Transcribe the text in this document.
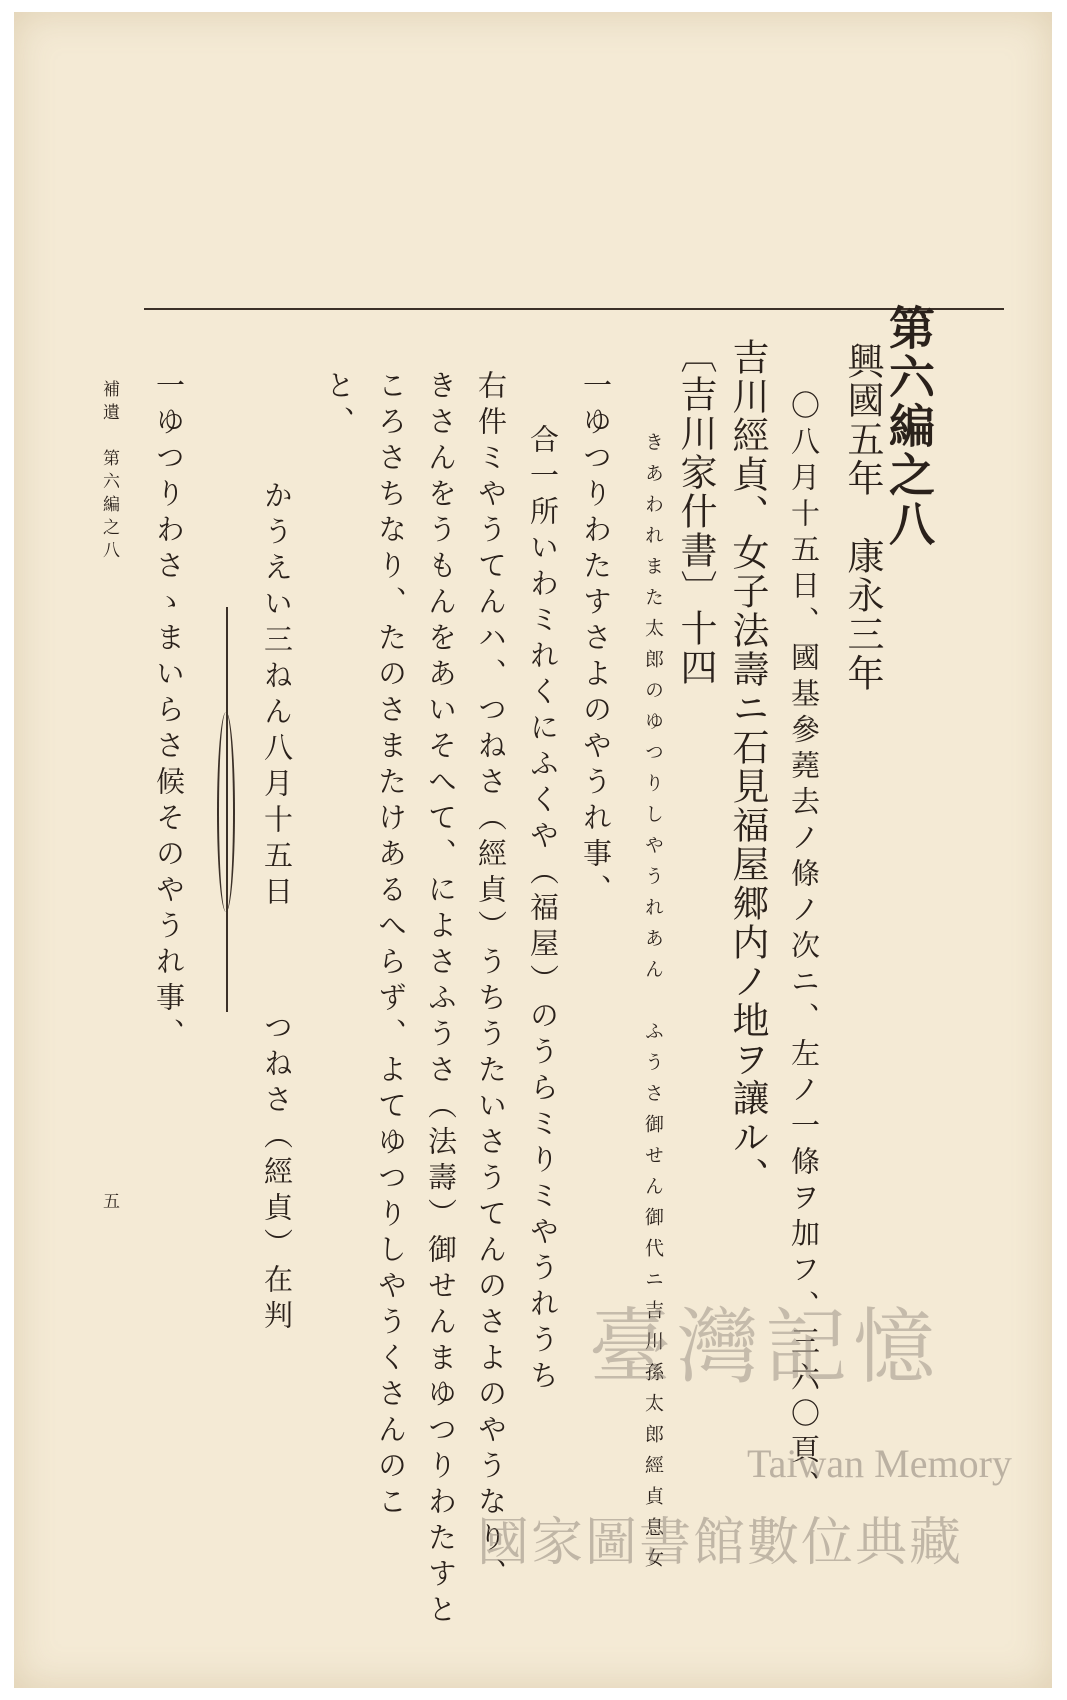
第六編之八
興國五年　康永三年
〇八月十五日、國基參蕘去ノ條ノ次ニ、左ノ一條ヲ加フ、三六〇頁、
吉川經貞、女子法壽ニ石見福屋郷内ノ地ヲ讓ル、
〔吉川家什書〕十四
きあわれまた太郎のゆつりしやうれあん　ふうさ御せん御代ニ吉川孫太郎經貞息女
一ゆつりわたすさよのやうれ事、
合一所いわミれくにふくや（福屋）のうらミりミやうれうち
右件ミやうてんハ、つねさ（經貞）うちうたいさうてんのさよのやうなり、
きさんをうもんをあいそへて、によさふうさ（法壽）御せんまゆつりわたすと
ころさちなり、たのさまたけあるへらず、よてゆつりしやうくさんのこ
と、
かうえい三ねん八月十五日
つねさ（經貞）在判
一ゆつりわさゝまいらさ候そのやうれ事、
補遺　第六編之八
五
臺灣記憶
Taiwan Memory
國家圖書館數位典藏
